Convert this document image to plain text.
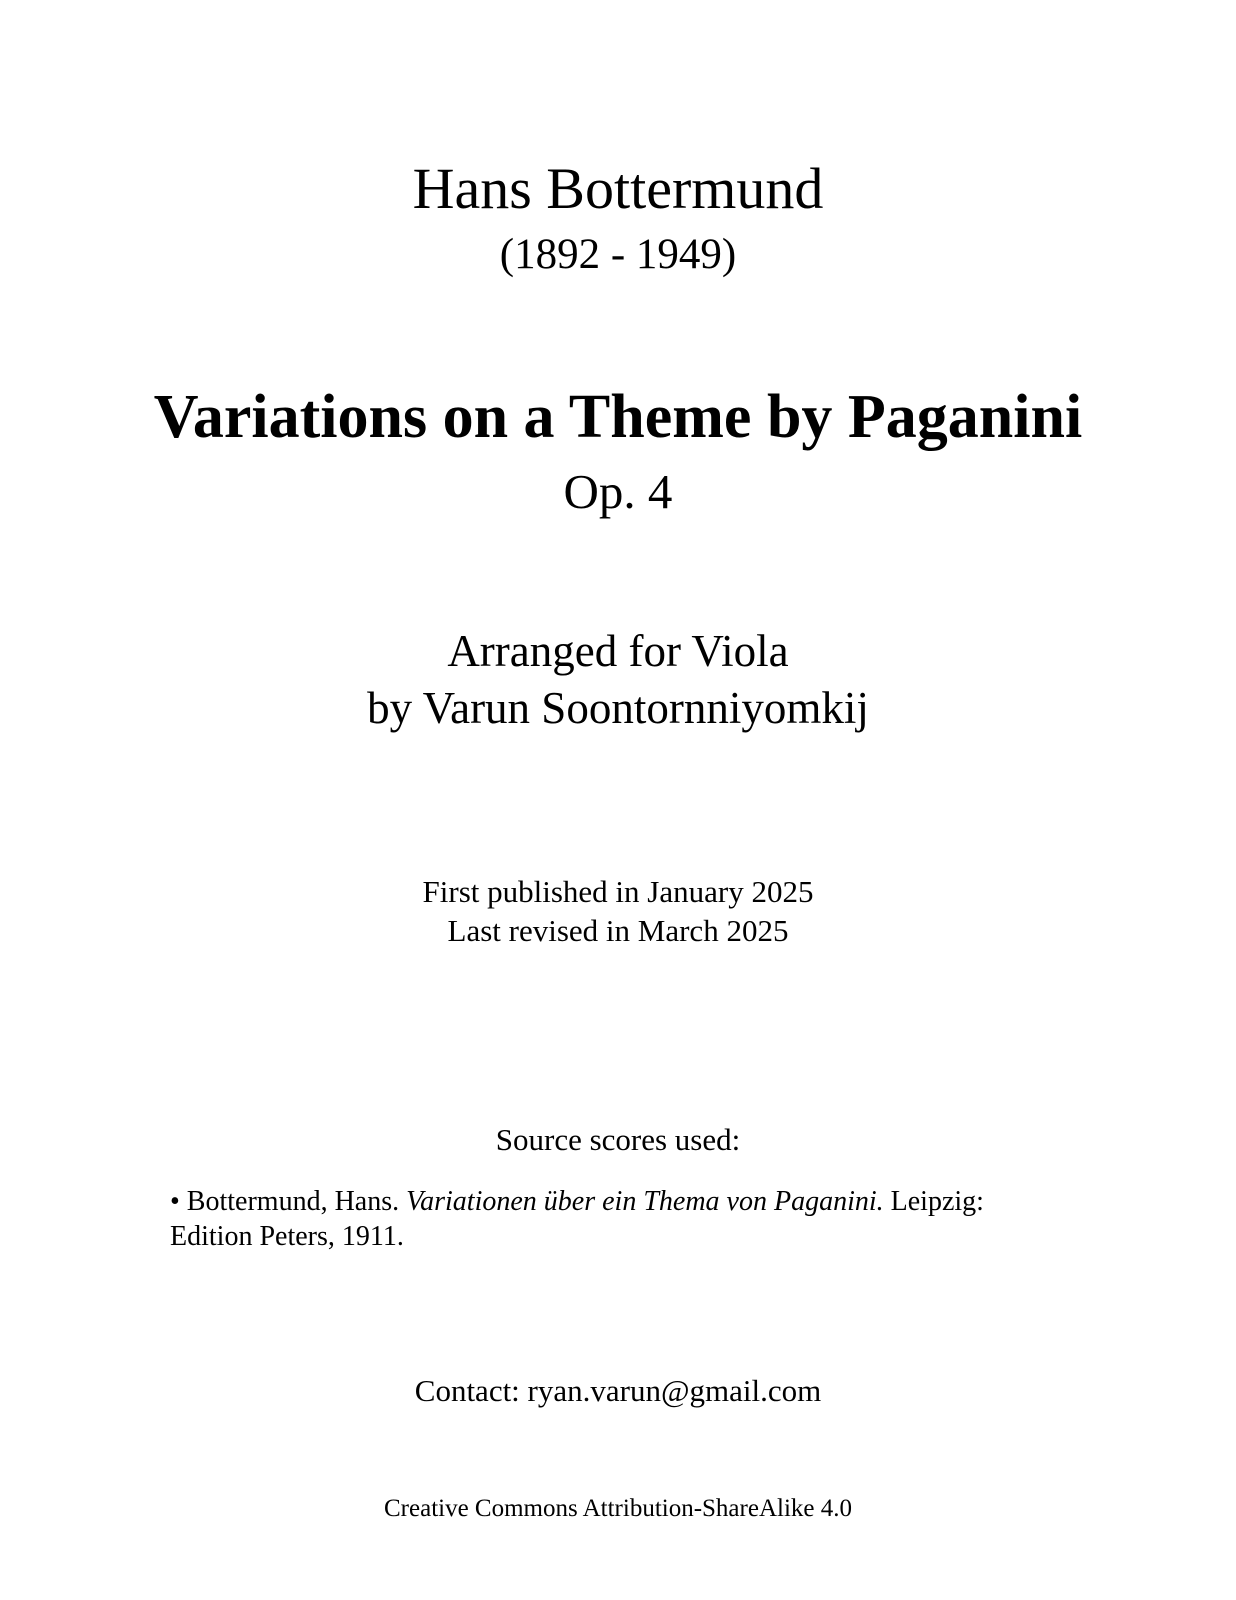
Hans Bottermund
(1892 - 1949)
Variations on a Theme by Paganini
Op. 4
Arranged for Viola
by Varun Soontornniyomkij
First published in January 2025
Last revised in March 2025
Source scores used:
• Bottermund, Hans. Variationen über ein Thema von Paganini. Leipzig: Edition Peters, 1911.
Contact: ryan.varun@gmail.com
Creative Commons Attribution-ShareAlike 4.0
